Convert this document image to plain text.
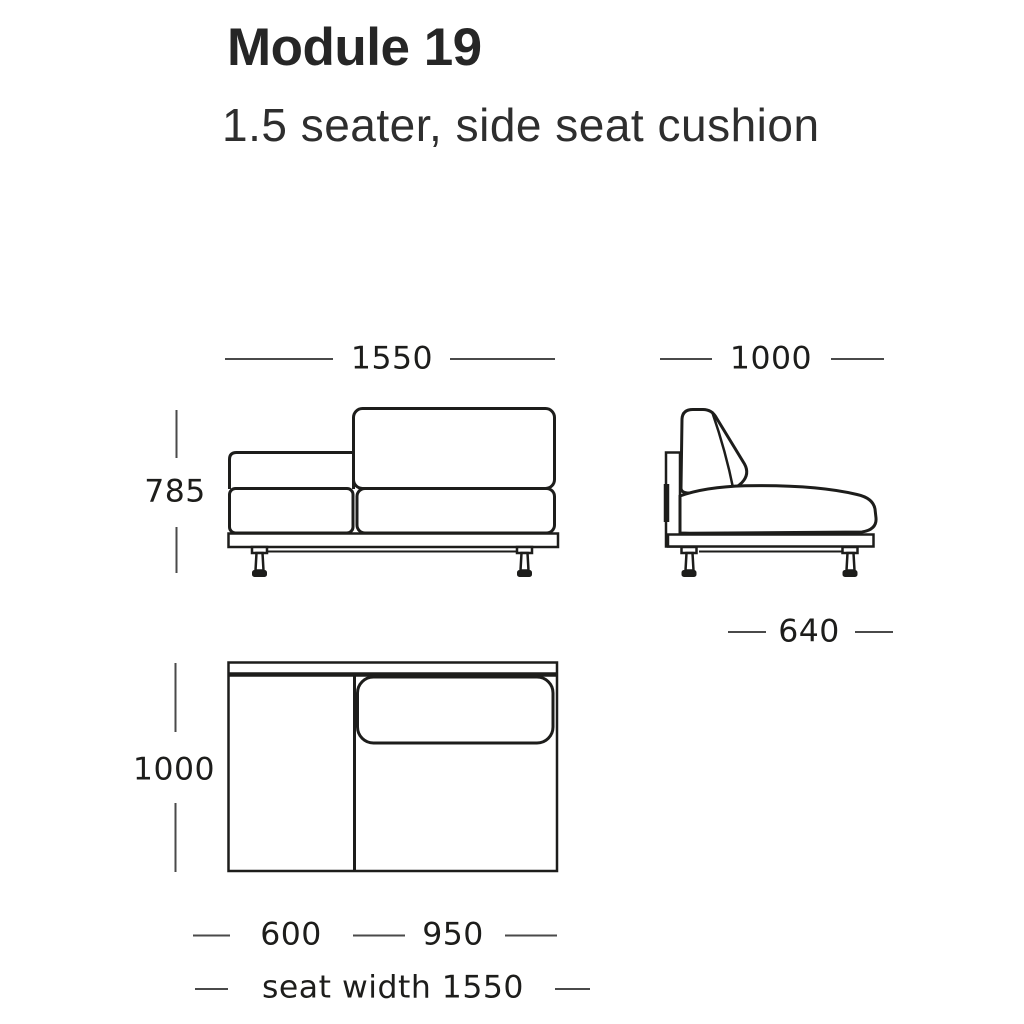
Module 19
1.5 seater, side seat cushion
1550
785
1000
640
1000
600	950
seat width 1550
